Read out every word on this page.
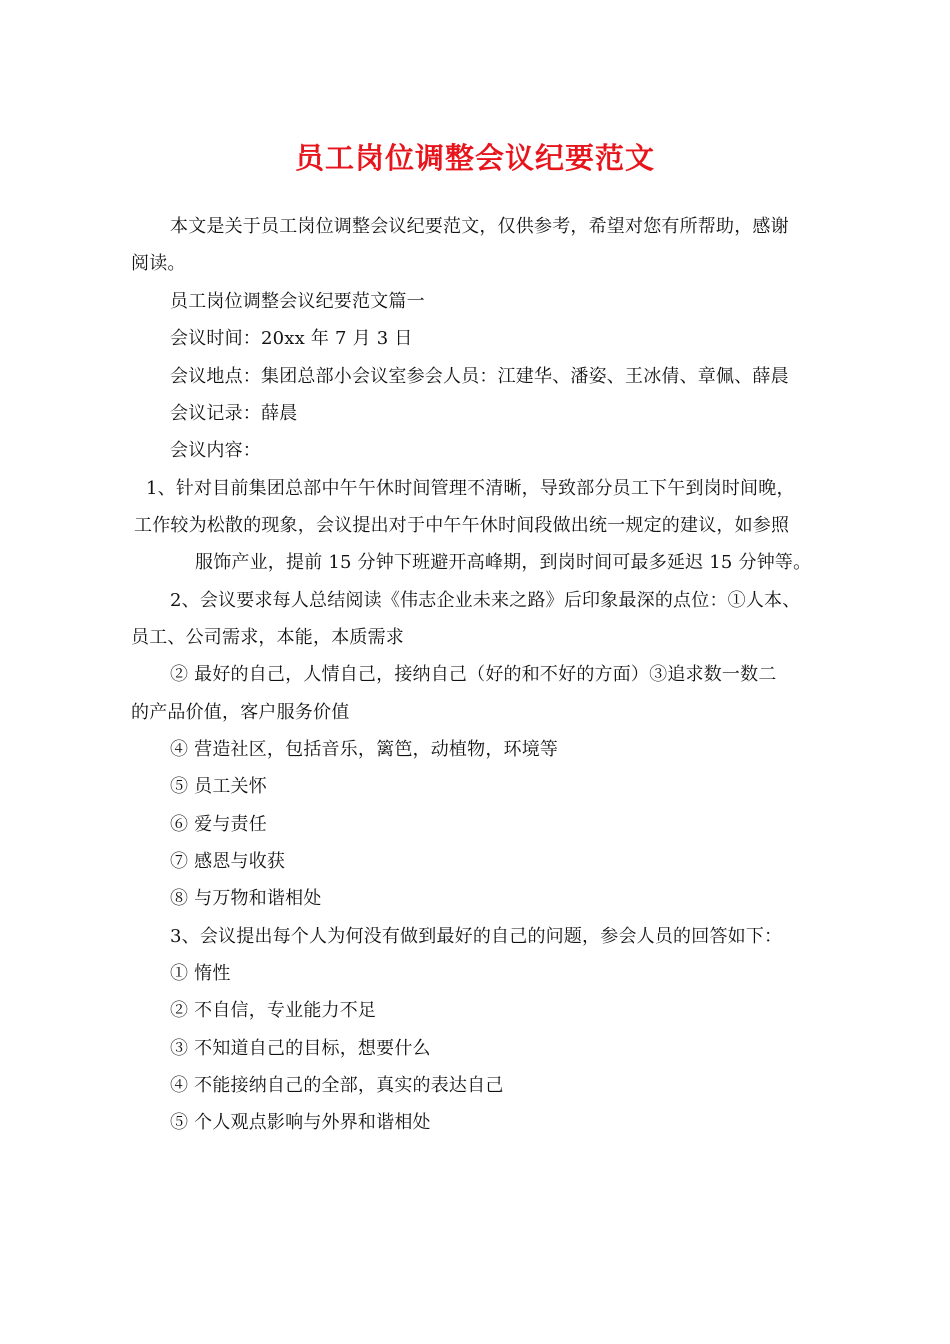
员工岗位调整会议纪要范文
本文是关于员工岗位调整会议纪要范文，仅供参考，希望对您有所帮助，感谢
阅读。
员工岗位调整会议纪要范文篇一
会议时间：20xx 年 7 月 3 日
会议地点：集团总部小会议室参会人员：江建华、潘姿、王冰倩、章佩、薛晨
会议记录：薛晨
会议内容：
1、针对目前集团总部中午午休时间管理不清晰，导致部分员工下午到岗时间晚，
工作较为松散的现象，会议提出对于中午午休时间段做出统一规定的建议，如参照
服饰产业，提前 15 分钟下班避开高峰期，到岗时间可最多延迟 15 分钟等。
2、会议要求每人总结阅读《伟志企业未来之路》后印象最深的点位：①人本、
员工、公司需求，本能，本质需求
② 最好的自己，人情自己，接纳自己（好的和不好的方面）③追求数一数二
的产品价值，客户服务价值
④ 营造社区，包括音乐，篱笆，动植物，环境等
⑤ 员工关怀
⑥ 爱与责任
⑦ 感恩与收获
⑧ 与万物和谐相处
3、会议提出每个人为何没有做到最好的自己的问题，参会人员的回答如下：
① 惰性
② 不自信，专业能力不足
③ 不知道自己的目标，想要什么
④ 不能接纳自己的全部，真实的表达自己
⑤ 个人观点影响与外界和谐相处
